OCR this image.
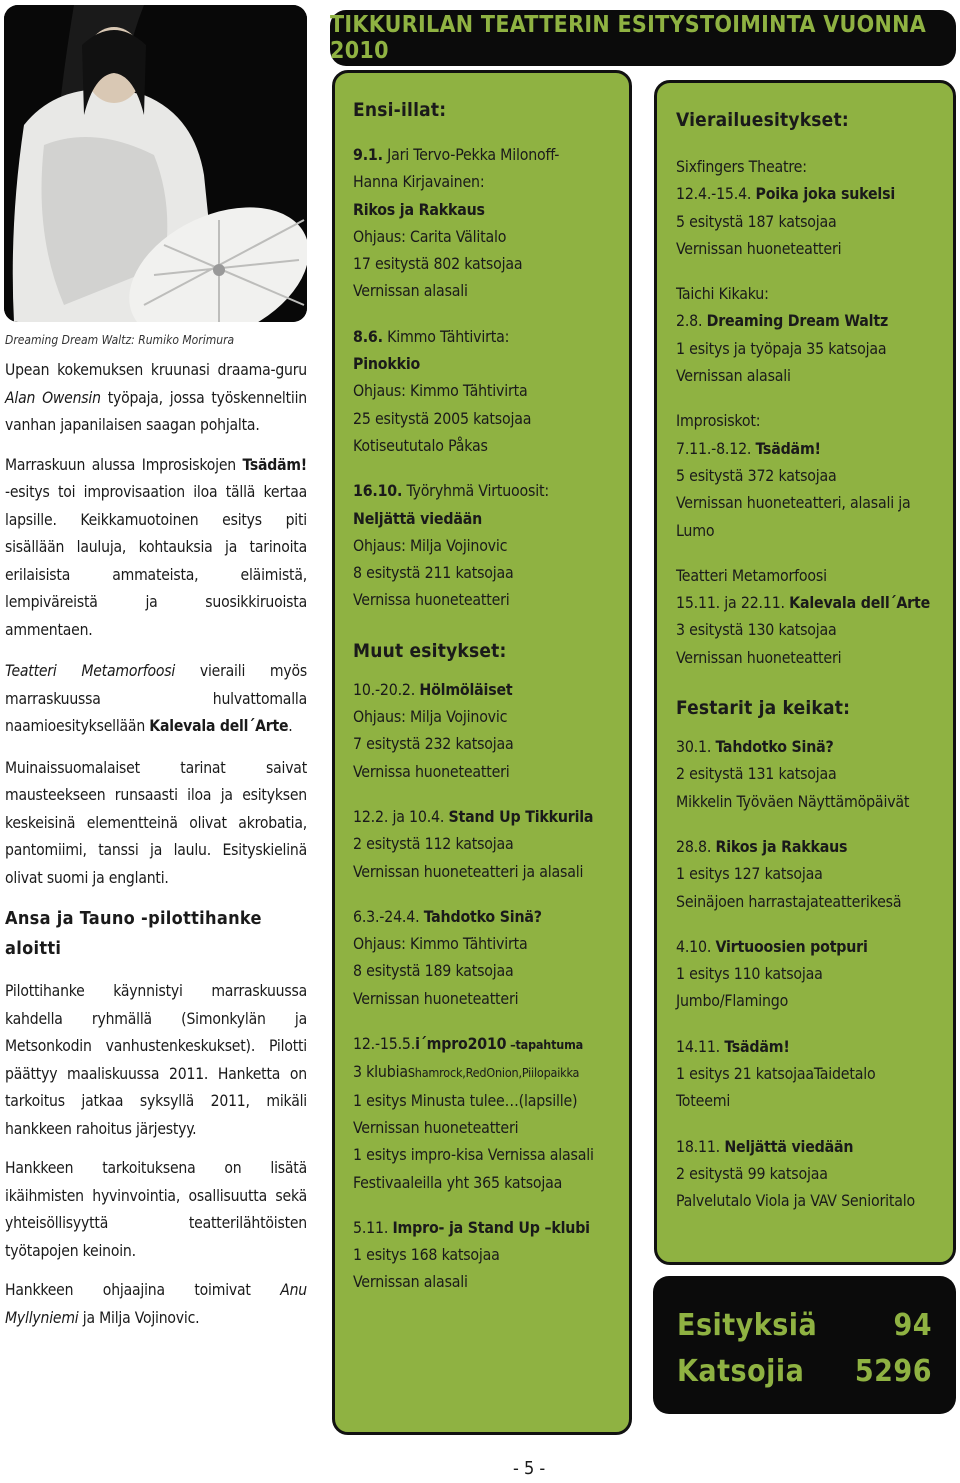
Dreaming Dream Waltz: Rumiko Morimura

Upean kokemuksen kruunasi draama-guru Alan Owensin työpaja, jossa työskenneltiin vanhan japanilaisen saagan pohjalta.

Marraskuun alussa Improsiskojen Tsädäm! -esitys toi improvisaation iloa tällä kertaa lapsille. Keikkamuotoinen esitys piti sisällään lauluja, kohtauksia ja tarinoita erilaisista ammateista, eläimistä, lempiväreistä ja suosikkiruoista ammentaen.

Teatteri Metamorfoosi vieraili myös marraskuussa hulvattomalla naamioesityksellään Kalevala dell´Arte.

Muinaissuomalaiset tarinat saivat mausteekseen runsaasti iloa ja esityksen keskeisinä elementteinä olivat akrobatia, pantomiimi, tanssi ja laulu. Esityskielinä olivat suomi ja englanti.

Ansa ja Tauno -pilottihanke aloitti

Pilottihanke käynnistyi marraskuussa kahdella ryhmällä (Simonkylän ja Metsonkodin vanhustenkeskukset). Pilotti päättyy maaliskuussa 2011. Hanketta on tarkoitus jatkaa syksyllä 2011, mikäli hankkeen rahoitus järjestyy.

Hankkeen tarkoituksena on lisätä ikäihmisten hyvinvointia, osallisuutta sekä yhteisöllisyyttä teatterilähtöisten työtapojen keinoin.

Hankkeen ohjaajina toimivat Anu Myllyniemi ja Milja Vojinovic.

TIKKURILAN TEATTERIN ESITYSTOIMINTA VUONNA 2010
Ensi-illat:
9.1. Jari Tervo-Pekka Milonoff-
Hanna Kirjavainen:
Rikos ja Rakkaus
Ohjaus: Carita Välitalo
17 esitystä 802 katsojaa
Vernissan alasali
8.6. Kimmo Tähtivirta:
Pinokkio
Ohjaus: Kimmo Tähtivirta
25 esitystä 2005 katsojaa
Kotiseututalo Påkas
16.10. Työryhmä Virtuoosit:
Neljättä viedään
Ohjaus: Milja Vojinovic
8 esitystä 211 katsojaa
Vernissa huoneteatteri
Muut esitykset:
10.-20.2. Hölmöläiset
Ohjaus: Milja Vojinovic
7 esitystä 232 katsojaa
Vernissa huoneteatteri
12.2. ja 10.4. Stand Up Tikkurila
2 esitystä 112 katsojaa
Vernissan huoneteatteri ja alasali
6.3.-24.4. Tahdotko Sinä?
Ohjaus: Kimmo Tähtivirta
8 esitystä 189 katsojaa
Vernissan huoneteatteri
12.-15.5.i´mpro2010 –tapahtuma
3 klubiaShamrock,RedOnion,Piilopaikka
1 esitys Minusta tulee…(lapsille)
Vernissan huoneteatteri
1 esitys impro-kisa Vernissa alasali
Festivaaleilla yht 365 katsojaa
5.11. Impro- ja Stand Up –klubi
1 esitys 168 katsojaa
Vernissan alasali
Vierailuesitykset:
Sixfingers Theatre:
12.4.-15.4. Poika joka sukelsi
5 esitystä 187 katsojaa
Vernissan huoneteatteri
Taichi Kikaku:
2.8. Dreaming Dream Waltz
1 esitys ja työpaja 35 katsojaa
Vernissan alasali
Improsiskot:
7.11.-8.12. Tsädäm!
5 esitystä 372 katsojaa
Vernissan huoneteatteri, alasali ja
Lumo
Teatteri Metamorfoosi
15.11. ja 22.11. Kalevala dell´Arte
3 esitystä 130 katsojaa
Vernissan huoneteatteri
Festarit ja keikat:
30.1. Tahdotko Sinä?
2 esitystä 131 katsojaa
Mikkelin Työväen Näyttämöpäivät
28.8. Rikos ja Rakkaus
1 esitys 127 katsojaa
Seinäjoen harrastajateatterikesä
4.10. Virtuoosien potpuri
1 esitys 110 katsojaa
Jumbo/Flamingo
14.11. Tsädäm!
1 esitys 21 katsojaaTaidetalo
Toteemi
18.11. Neljättä viedään
2 esitystä 99 katsojaa
Palvelutalo Viola ja VAV Senioritalo
Esityksiä	94
Katsojia 5296
- 5 -
